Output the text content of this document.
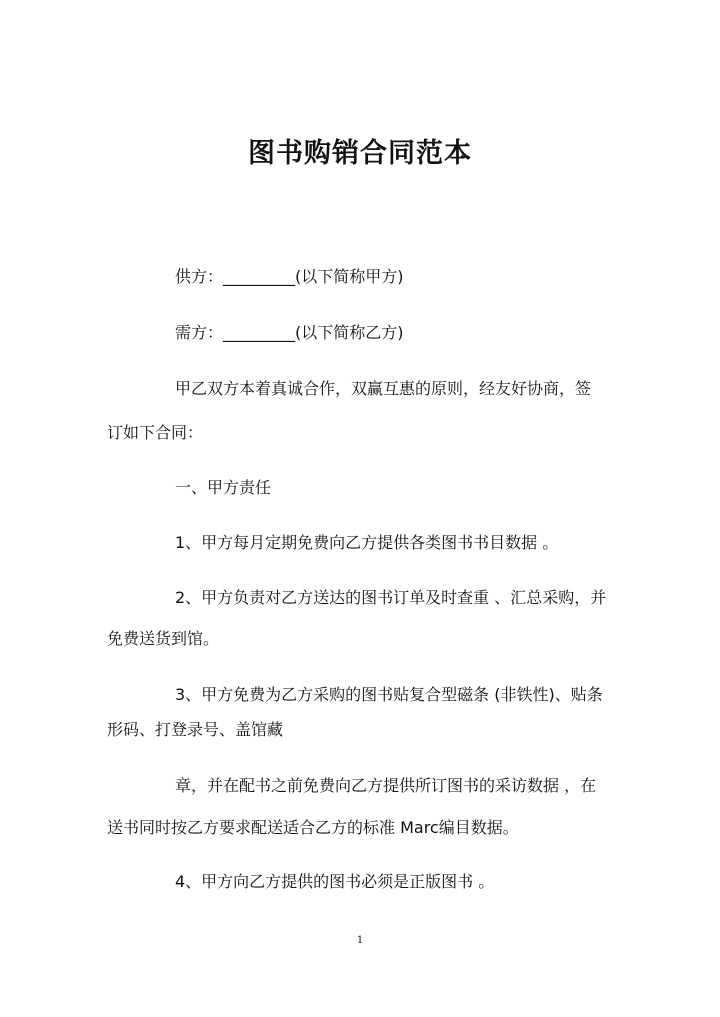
图书购销合同范本
供方：_________(以下简称甲方)
需方：_________(以下简称乙方)
甲乙双方本着真诚合作，双赢互惠的原则，经友好协商，签
订如下合同：
一、甲方责任
1、甲方每月定期免费向乙方提供各类图书书目数据 。
2、甲方负责对乙方送达的图书订单及时查重 、汇总采购，并
免费送货到馆。
3、甲方免费为乙方采购的图书贴复合型磁条 (非铁性)、贴条
形码、打登录号、盖馆藏
章，并在配书之前免费向乙方提供所订图书的采访数据 ，在
送书同时按乙方要求配送适合乙方的标准 Marc编目数据。
4、甲方向乙方提供的图书必须是正版图书 。
1
